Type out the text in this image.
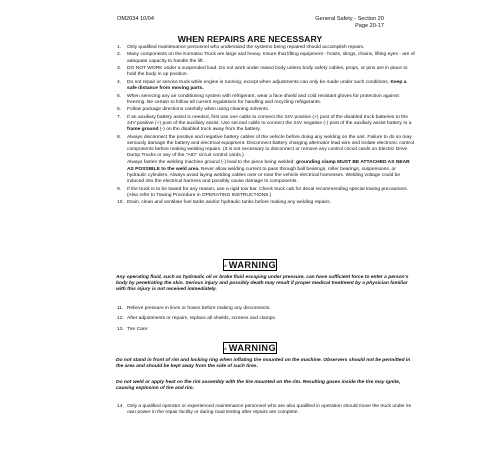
OM2034 10/04	General Safety - Section 20
Page 20-17
WHEN REPAIRS ARE NECESSARY
1. Only qualified maintenance personnel who understand the systems being repaired should accomplish repairs.
2. Many components on the Komatsu Truck are large and heavy. Insure that lifting equipment - hoists, slings, chains, lifting eyes - are of adequate capacity to handle the lift.
3. DO NOT WORK under a suspended load. Do not work under raised body unless body safety cables, props, or pins are in place to hold the body in up position.
4. Do not repair or service truck while engine is running, except when adjustments can only be made under such conditions. Keep a safe distance from moving parts.
5. When servicing any air conditioning system with refrigerant, wear a face shield and cold resistant gloves for protection against freezing. Be certain to follow all current regulations for handling and recycling refrigerants.
6. Follow package directions carefully when using cleaning solvents.
7. If an auxiliary battery assist is needed, first use one cable to connect the 24V positive (+) post of the disabled truck batteries to the 24V positive (+) post of the auxiliary assist. Use second cable to connect the 24V negative (-) post of the auxiliary assist battery to a frame ground (-) on the disabled truck away from the battery.
8. Always disconnect the positive and negative battery cables of the vehicle before doing any welding on the unit. Failure to do so may seriously damage the battery and electrical equipment. Disconnect battery charging alternator lead wire and isolate electronic control components before making welding repairs. (It is not necessary to disconnect or remove any control circuit cards on Electric Drive Dump Trucks or any of the "AID" circuit control cards.)
Always fasten the welding machine ground (-) lead to the piece being welded; grounding clamp MUST BE ATTACHED AS NEAR AS POSSIBLE to the weld area. Never allow welding current to pass through ball bearings, roller bearings, suspensions, or hydraulic cylinders. Always avoid laying welding cables over or near the vehicle electrical harnesses. Welding voltage could be induced into the electrical harness and possibly cause damage to components.
9. If the truck is to be towed for any reason, use a rigid tow bar. Check truck cab for decal recommending special towing precautions. (Also refer to Towing Procedure in OPERATING INSTRUCTIONS.)
10. Drain, clean and ventilate fuel tanks and/or hydraulic tanks before making any welding repairs.
WARNING
Any operating fluid, such as hydraulic oil or brake fluid escaping under pressure, can have sufficient force to enter a person's body by penetrating the skin. Serious injury and possibly death may result if proper medical treatment by a physician familiar with this injury is not received immediately.
11. Relieve pressure in lines or hoses before making any disconnects.
12. After adjustments or repairs, replace all shields, screens and clamps.
13. Tire Care:
WARNING
Do not stand in front of rim and locking ring when inflating tire mounted on the machine. Observers should not be permitted in the area and should be kept away from the side of such tires.
Do not weld or apply heat on the rim assembly with the tire mounted on the rim. Resulting gases inside the tire may ignite, causing explosion of tire and rim.
14. Only a qualified operator or experienced maintenance personnel who are also qualified in operation should move the truck under its own power in the repair facility or during road testing after repairs are complete.
